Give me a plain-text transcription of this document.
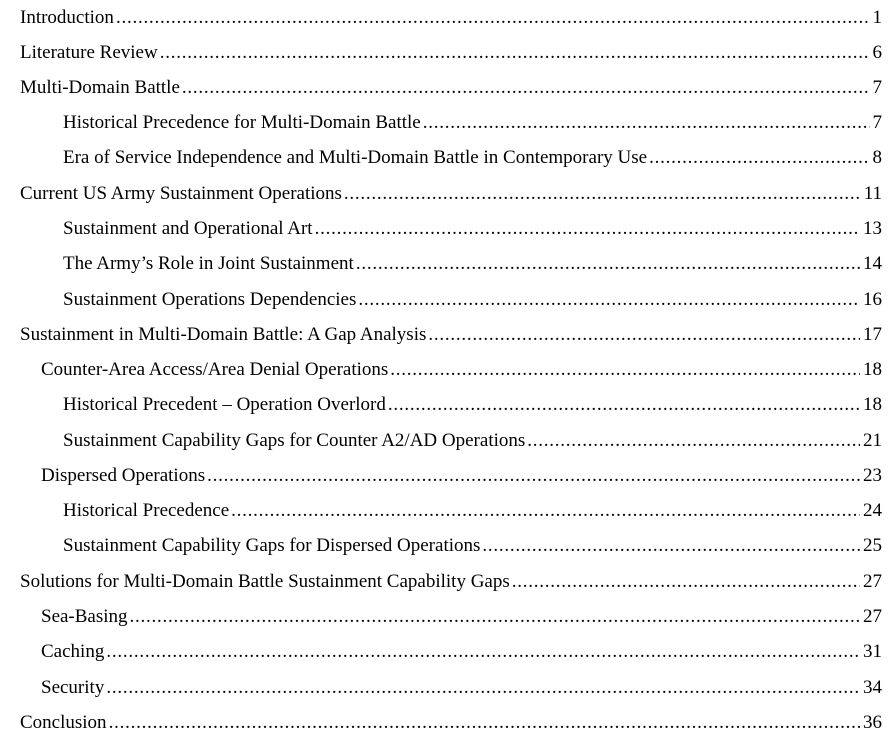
Introduction . . .	1
Literature Review . . .	6
Multi-Domain Battle . . .	7
Historical Precedence for Multi-Domain Battle . . .	7
Era of Service Independence and Multi-Domain Battle in Contemporary Use . . .	8
Current US Army Sustainment Operations . . .	11
Sustainment and Operational Art . . .	13
The Army’s Role in Joint Sustainment . . .	14
Sustainment Operations Dependencies . . .	16
Sustainment in Multi-Domain Battle: A Gap Analysis . . .	17
Counter-Area Access/Area Denial Operations . . .	18
Historical Precedent – Operation Overlord . . .	18
Sustainment Capability Gaps for Counter A2/AD Operations . . .	21
Dispersed Operations . . .	23
Historical Precedence . . .	24
Sustainment Capability Gaps for Dispersed Operations . . .	25
Solutions for Multi-Domain Battle Sustainment Capability Gaps . . .	27
Sea-Basing . . .	27
Caching . . .	31
Security . . .	34
Conclusion . . .	36
